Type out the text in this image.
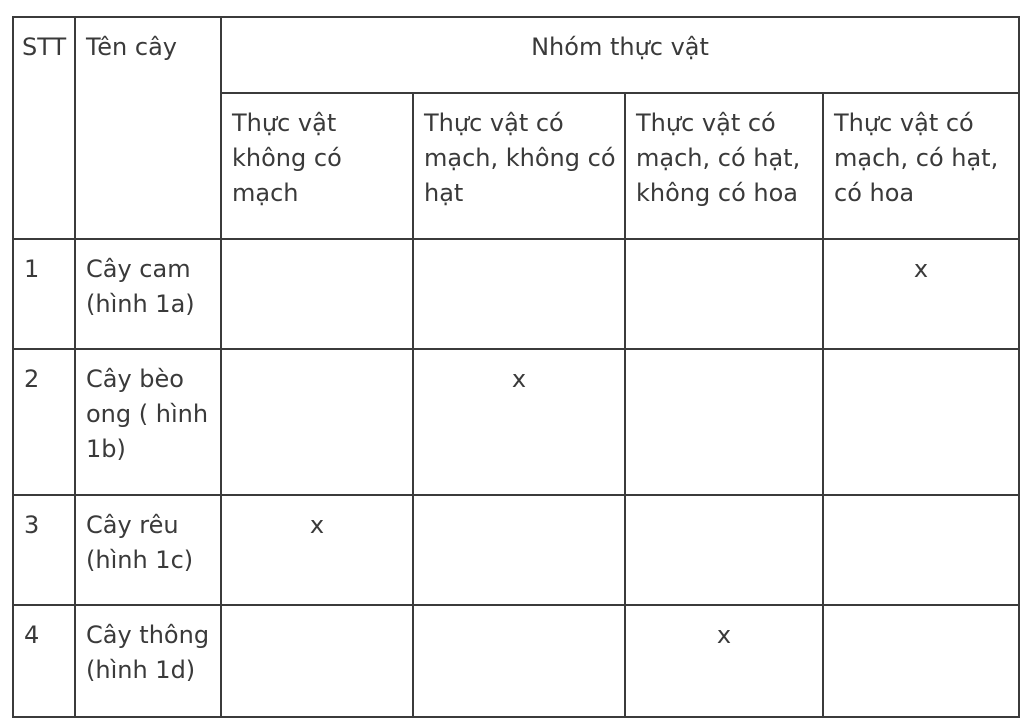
STT	Tên cây	Nhóm thực vật			
		Thực vật không có mạch	Thực vật có mạch, không có hạt	Thực vật có mạch, có hạt, không có hoa	Thực vật có mạch, có hạt, có hoa
1	Cây cam (hình 1a)				x
2	Cây bèo ong ( hình 1b)		x		
3	Cây rêu (hình 1c)	x			
4	Cây thông (hình 1d)			x	
